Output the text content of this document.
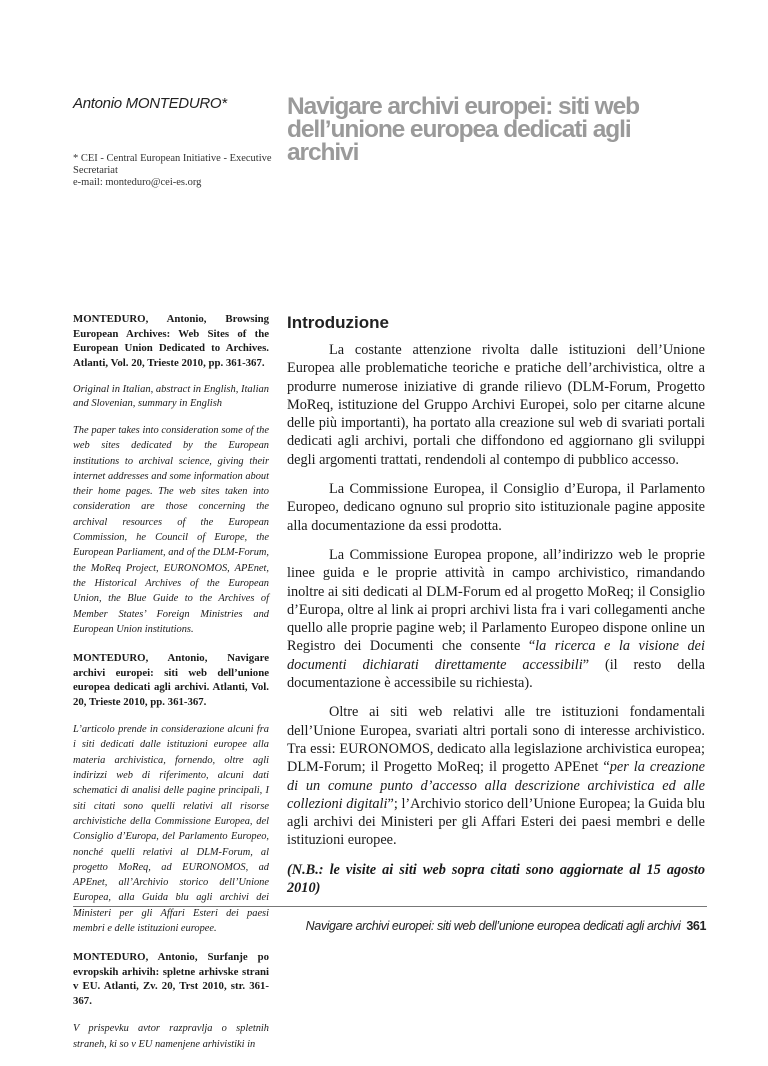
Antonio MONTEDURO*
* CEI - Central European Initiative - Executive
Secretariat
e-mail: monteduro@cei-es.org
Navigare archivi europei: siti web dell’unione europea dedicati agli archivi
MONTEDURO, Antonio, Browsing European Archives: Web Sites of the European Union Dedicated to Archives. Atlanti, Vol. 20, Trieste 2010, pp. 361-367.
Original in Italian, abstract in English, Italian and Slovenian, summary in English
The paper takes into consideration some of the web sites dedicated by the European institutions to archival science, giving their internet addresses and some information about their home pages. The web sites taken into consideration are those concerning the archival resources of the European Commission, he Council of Europe, the European Parliament, and of the DLM-Forum, the MoReq Project, EURONOMOS, APEnet, the Historical Archives of the European Union, the Blue Guide to the Archives of Member States’ Foreign Ministries and European Union institutions.
MONTEDURO, Antonio, Navigare archivi europei: siti web dell’unione europea dedicati agli archivi. Atlanti, Vol. 20, Trieste 2010, pp. 361-367.
L’articolo prende in considerazione alcuni fra i siti dedicati dalle istituzioni europee alla materia archivistica, fornendo, oltre agli indirizzi web di riferimento, alcuni dati schematici di analisi delle pagine principali, I siti citati sono quelli relativi all risorse archivistiche della Commissione Europea, del Consiglio d’Europa, del Parlamento Europeo, nonché quelli relativi al DLM-Forum, al progetto MoReq, ad EURONOMOS, ad APEnet, all’Archivio storico dell’Unione Europea, alla Guida blu agli archivi dei Ministeri per gli Affari Esteri dei paesi membri e delle istituzioni europee.
MONTEDURO, Antonio, Surfanje po evropskih arhivih: spletne arhivske strani v EU. Atlanti, Zv. 20, Trst 2010, str. 361-367.
V prispevku avtor razpravlja o spletnih straneh, ki so v EU namenjene arhivistiki in
Introduzione

La costante attenzione rivolta dalle istituzioni dell’Unione Europea alle problematiche teoriche e pratiche dell’archivistica, oltre a produrre numerose iniziative di grande rilievo (DLM-Forum, Progetto MoReq, istituzione del Gruppo Archivi Europei, solo per citarne alcune delle più importanti), ha portato alla creazione sul web di svariati portali dedicati agli archivi, portali che diffondono ed aggiornano gli sviluppi degli argomenti trattati, rendendoli al contempo di pubblico accesso.

La Commissione Europea, il Consiglio d’Europa, il Parlamento Europeo, dedicano ognuno sul proprio sito istituzionale pagine apposite alla documentazione da essi prodotta.

La Commissione Europea propone, all’indirizzo web le proprie linee guida e le proprie attività in campo archivistico, rimandando inoltre ai siti dedicati al DLM-Forum ed al progetto MoReq; il Consiglio d’Europa, oltre al link ai propri archivi lista fra i vari collegamenti anche quello alle proprie pagine web; il Parlamento Europeo dispone online un Registro dei Documenti che consente “la ricerca e la visione dei documenti dichiarati direttamente accessibili” (il resto della documentazione è accessibile su richiesta).

Oltre ai siti web relativi alle tre istituzioni fondamentali dell’Unione Europea, svariati altri portali sono di interesse archivistico. Tra essi: EURONOMOS, dedicato alla legislazione archivistica europea; DLM-Forum; il Progetto MoReq; il progetto APEnet “per la creazione di un comune punto d’accesso alla descrizione archivistica ed alle collezioni digitali”; l’Archivio storico dell’Unione Europea; la Guida blu agli archivi dei Ministeri per gli Affari Esteri dei paesi membri e delle istituzioni europee.

(N.B.: le visite ai siti web sopra citati sono aggiornate al 15 agosto 2010)

Navigare archivi europei: siti web dell’unione europea dedicati agli archivi 361
